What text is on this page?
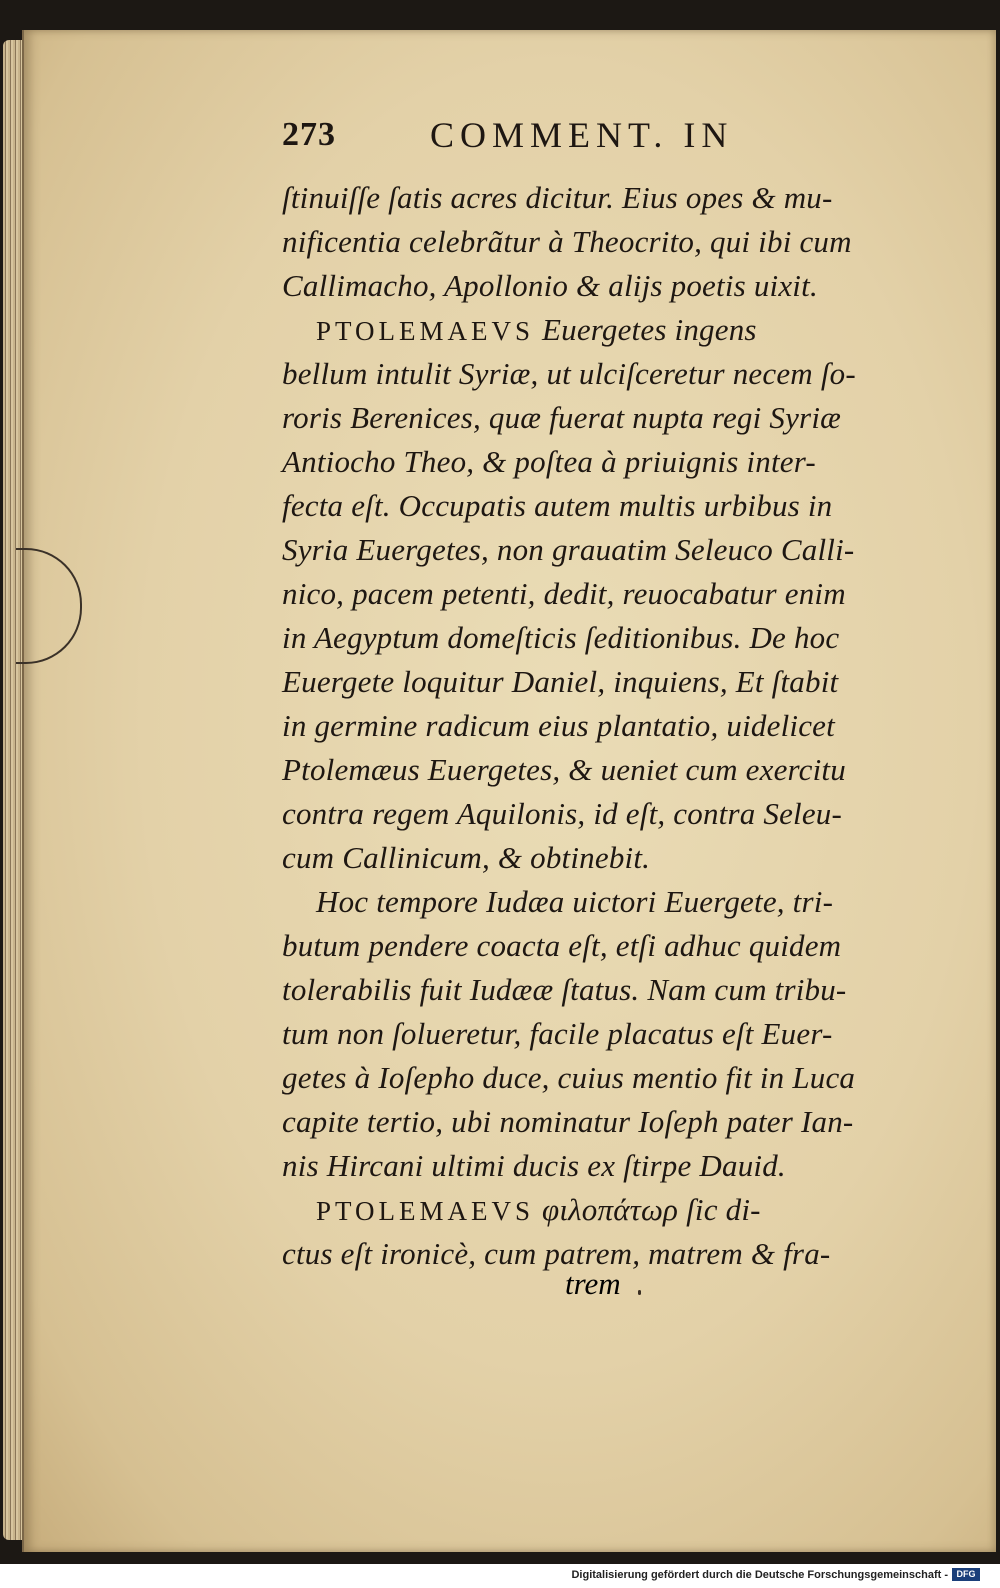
273	COMMENT. IN
ſtinuiſſe ſatis acres dicitur. Eius opes & mu-
nificentia celebrãtur à Theocrito, qui ibi cum
Callimacho, Apollonio & alijs poetis uixit.
PTOLEMAEVS Euergetes ingens
bellum intulit Syriæ, ut ulciſceretur necem ſo-
roris Berenices, quæ fuerat nupta regi Syriæ
Antiocho Theo, & poſtea à priuignis inter-
fecta eſt. Occupatis autem multis urbibus in
Syria Euergetes, non grauatim Seleuco Calli-
nico, pacem petenti, dedit, reuocabatur enim
in Aegyptum domeſticis ſeditionibus. De hoc
Euergete loquitur Daniel, inquiens, Et ſtabit
in germine radicum eius plantatio, uidelicet
Ptolemæus Euergetes, & ueniet cum exercitu
contra regem Aquilonis, id eſt, contra Seleu-
cum Callinicum, & obtinebit.
Hoc tempore Iudæa uictori Euergete, tri-
butum pendere coacta eſt, etſi adhuc quidem
tolerabilis fuit Iudææ ſtatus. Nam cum tribu-
tum non ſolueretur, facile placatus eſt Euer-
getes à Ioſepho duce, cuius mentio fit in Luca
capite tertio, ubi nominatur Ioſeph pater Ian-
nis Hircani ultimi ducis ex ſtirpe Dauid.
PTOLEMAEVS φιλοπάτωρ ſic di-
ctus eſt ironicè, cum patrem, matrem & fra-
trem
Digitalisierung gefördert durch die Deutsche Forschungsgemeinschaft - DFG
